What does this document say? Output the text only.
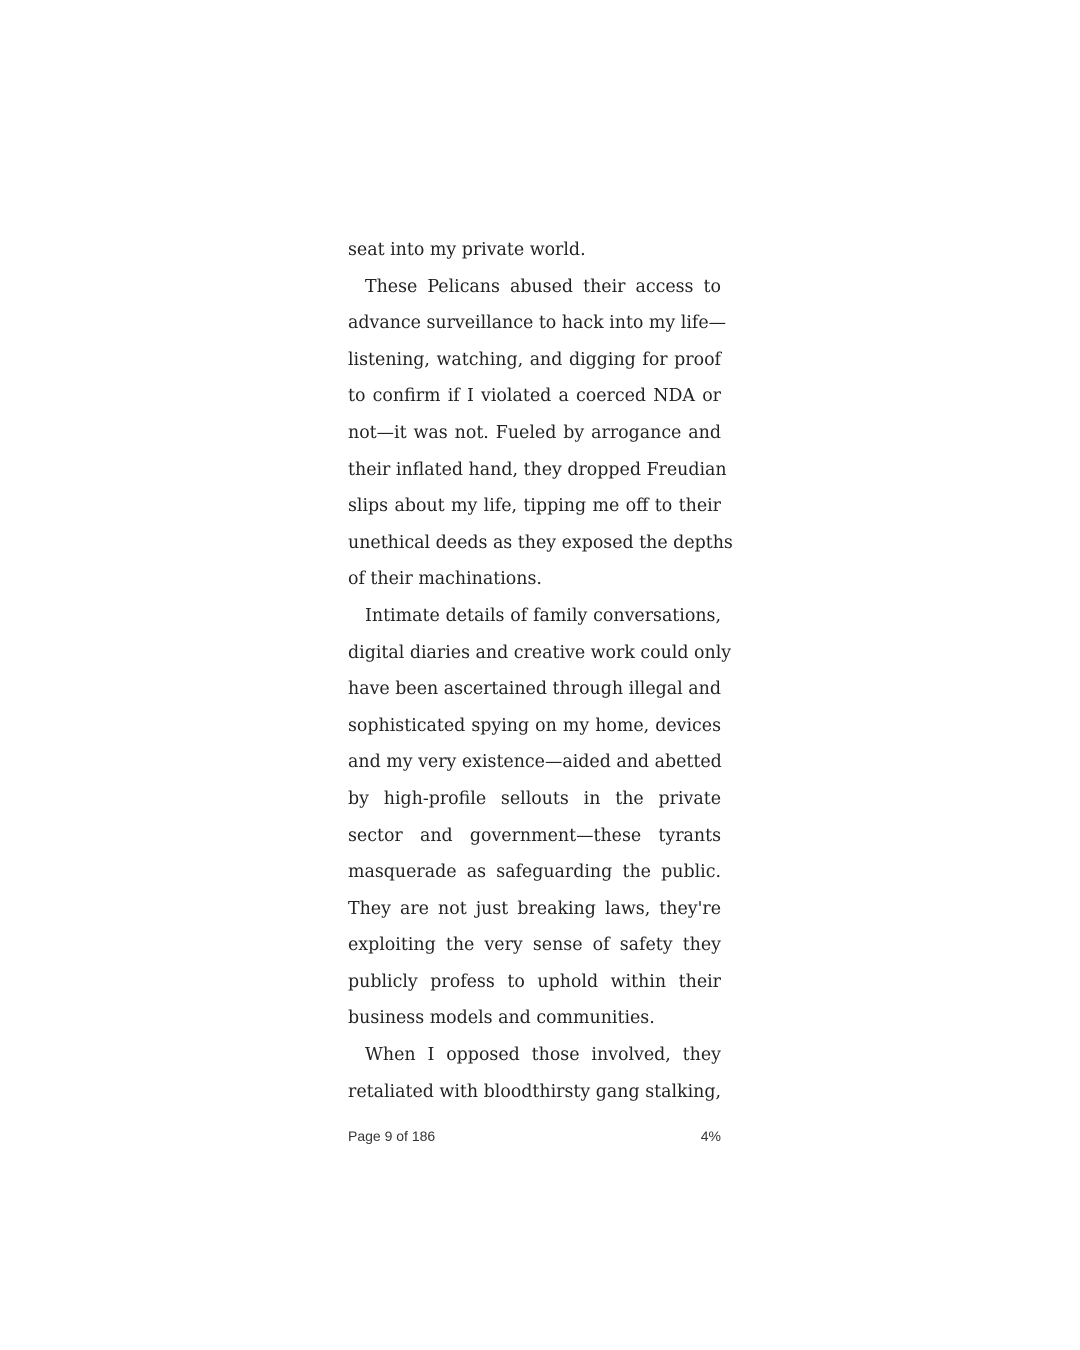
seat into my private world.

These Pelicans abused their access to
advance surveillance to hack into my life—
listening, watching, and digging for proof
to confirm if I violated a coerced NDA or
not—it was not. Fueled by arrogance and
their inflated hand, they dropped Freudian
slips about my life, tipping me off to their
unethical deeds as they exposed the depths
of their machinations.

Intimate details of family conversations,
digital diaries and creative work could only
have been ascertained through illegal and
sophisticated spying on my home, devices
and my very existence—aided and abetted
by high-profile sellouts in the private
sector and government—these tyrants
masquerade as safeguarding the public.
They are not just breaking laws, they're
exploiting the very sense of safety they
publicly profess to uphold within their
business models and communities.

When I opposed those involved, they
retaliated with bloodthirsty gang stalking,

Page 9 of 186	4%
